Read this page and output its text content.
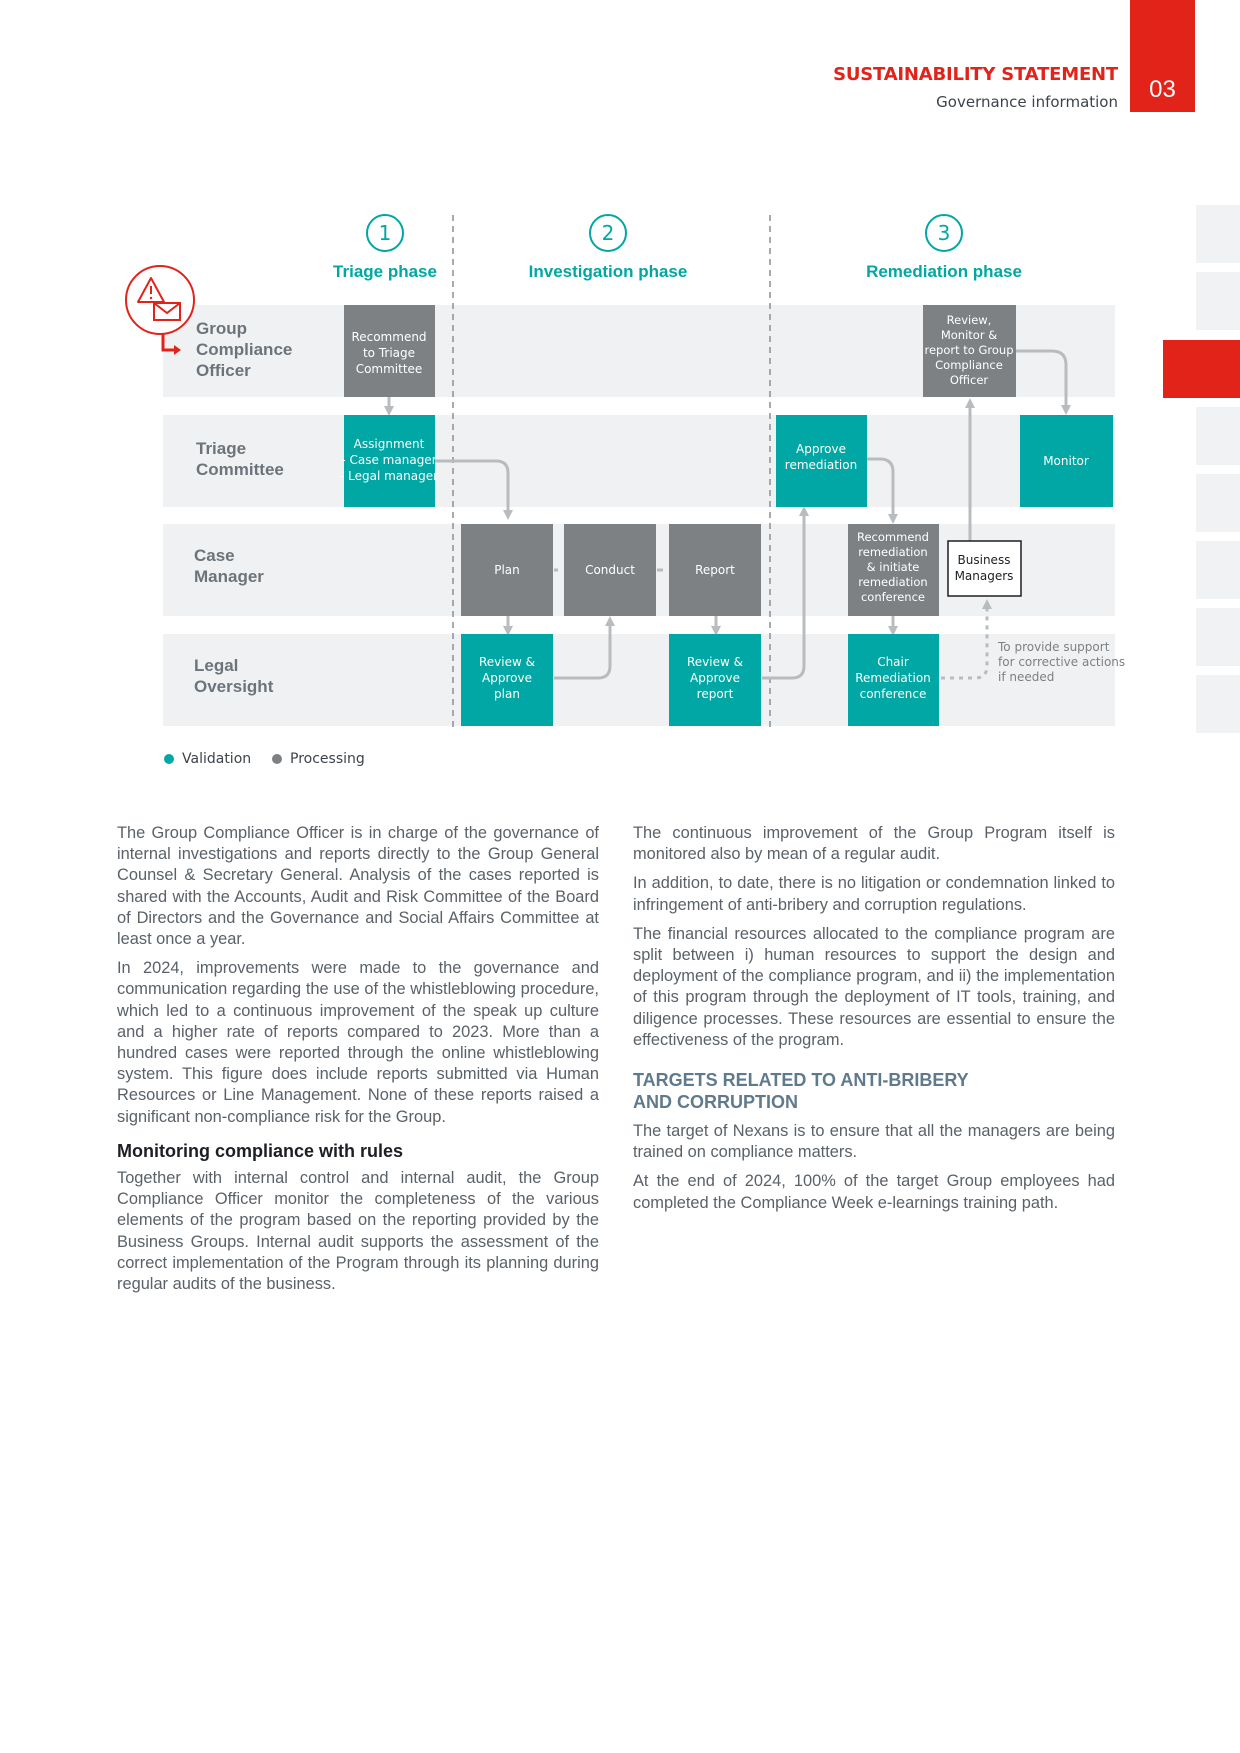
SUSTAINABILITY STATEMENT
Governance information 03
1
Triage phase
2
Investigation phase
3
Remediation phase
Group Compliance Officer
Triage Committee
Case Manager
Legal Oversight
Recommend to Triage Committee
Review, Monitor & report to Group Compliance Officer
Assignment - Case manager - Legal manager
Approve remediation	Monitor
Plan	Conduct	Report
Recommend remediation & initiate remediation conference
Business Managers
Review & Approve plan
Review & Approve report
Chair Remediation conference
To provide support for corrective actions if needed
Validation	Processing

The Group Compliance Officer is in charge of the governance of internal investigations and reports directly to the Group General Counsel & Secretary General. Analysis of the cases reported is shared with the Accounts, Audit and Risk Committee of the Board of Directors and the Governance and Social Affairs Committee at least once a year.

In 2024, improvements were made to the governance and communication regarding the use of the whistleblowing procedure, which led to a continuous improvement of the speak up culture and a higher rate of reports compared to 2023. More than a hundred cases were reported through the online whistleblowing system. This figure does include reports submitted via Human Resources or Line Management. None of these reports raised a significant non-compliance risk for the Group.

Monitoring compliance with rules

Together with internal control and internal audit, the Group Compliance Officer monitor the completeness of the various elements of the program based on the reporting provided by the Business Groups. Internal audit supports the assessment of the correct implementation of the Program through its planning during regular audits of the business.

The continuous improvement of the Group Program itself is monitored also by mean of a regular audit.

In addition, to date, there is no litigation or condemnation linked to infringement of anti-bribery and corruption regulations.

The financial resources allocated to the compliance program are split between i) human resources to support the design and deployment of the compliance program, and ii) the implementation of this program through the deployment of IT tools, training, and diligence processes. These resources are essential to ensure the effectiveness of the program.

TARGETS RELATED TO ANTI-BRIBERY AND CORRUPTION

The target of Nexans is to ensure that all the managers are being trained on compliance matters.

At the end of 2024, 100% of the target Group employees had completed the Compliance Week e-learnings training path.
